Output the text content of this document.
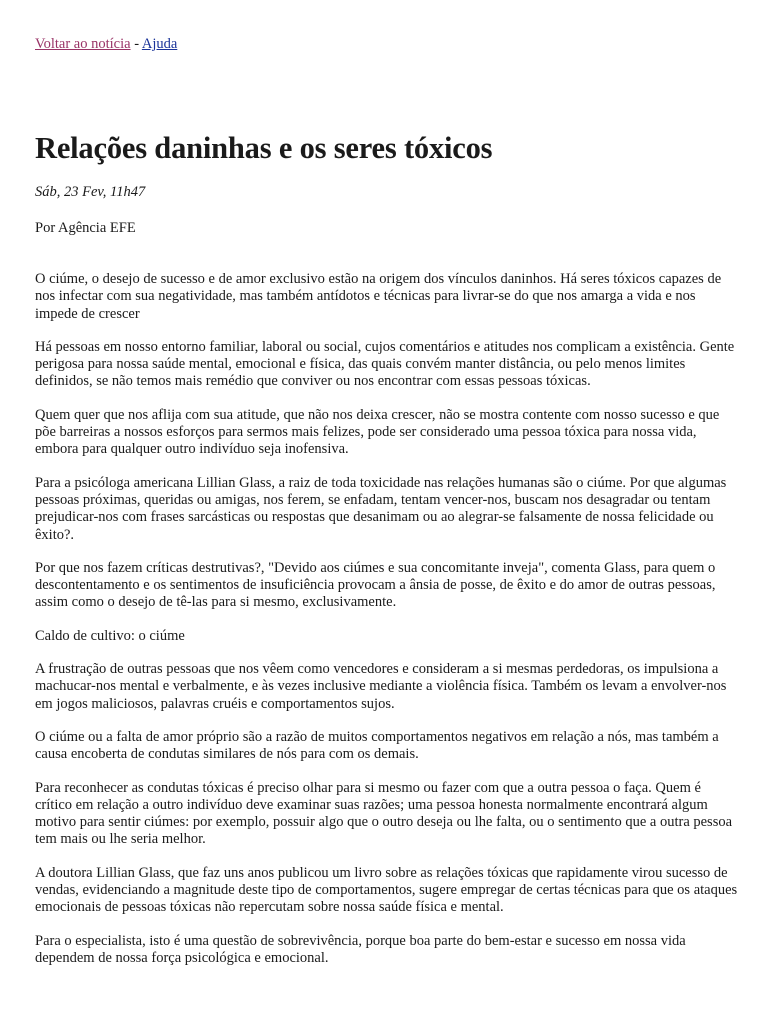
Voltar ao notícia - Ajuda
Relações daninhas e os seres tóxicos
Sáb, 23 Fev, 11h47
Por Agência EFE

O ciúme, o desejo de sucesso e de amor exclusivo estão na origem dos vínculos daninhos. Há seres tóxicos capazes de nos infectar com sua negatividade, mas também antídotos e técnicas para livrar-se do que nos amarga a vida e nos impede de crescer

Há pessoas em nosso entorno familiar, laboral ou social, cujos comentários e atitudes nos complicam a existência. Gente perigosa para nossa saúde mental, emocional e física, das quais convém manter distância, ou pelo menos limites definidos, se não temos mais remédio que conviver ou nos encontrar com essas pessoas tóxicas.

Quem quer que nos aflija com sua atitude, que não nos deixa crescer, não se mostra contente com nosso sucesso e que põe barreiras a nossos esforços para sermos mais felizes, pode ser considerado uma pessoa tóxica para nossa vida, embora para qualquer outro indivíduo seja inofensiva.

Para a psicóloga americana Lillian Glass, a raiz de toda toxicidade nas relações humanas são o ciúme. Por que algumas pessoas próximas, queridas ou amigas, nos ferem, se enfadam, tentam vencer-nos, buscam nos desagradar ou tentam prejudicar-nos com frases sarcásticas ou respostas que desanimam ou ao alegrar-se falsamente de nossa felicidade ou êxito?.

Por que nos fazem críticas destrutivas?, "Devido aos ciúmes e sua concomitante inveja", comenta Glass, para quem o descontentamento e os sentimentos de insuficiência provocam a ânsia de posse, de êxito e do amor de outras pessoas, assim como o desejo de tê-las para si mesmo, exclusivamente.

Caldo de cultivo: o ciúme

A frustração de outras pessoas que nos vêem como vencedores e consideram a si mesmas perdedoras, os impulsiona a machucar-nos mental e verbalmente, e às vezes inclusive mediante a violência física. Também os levam a envolver-nos em jogos maliciosos, palavras cruéis e comportamentos sujos.

O ciúme ou a falta de amor próprio são a razão de muitos comportamentos negativos em relação a nós, mas também a causa encoberta de condutas similares de nós para com os demais.

Para reconhecer as condutas tóxicas é preciso olhar para si mesmo ou fazer com que a outra pessoa o faça. Quem é crítico em relação a outro indivíduo deve examinar suas razões; uma pessoa honesta normalmente encontrará algum motivo para sentir ciúmes: por exemplo, possuir algo que o outro deseja ou lhe falta, ou o sentimento que a outra pessoa tem mais ou lhe seria melhor.

A doutora Lillian Glass, que faz uns anos publicou um livro sobre as relações tóxicas que rapidamente virou sucesso de vendas, evidenciando a magnitude deste tipo de comportamentos, sugere empregar de certas técnicas para que os ataques emocionais de pessoas tóxicas não repercutam sobre nossa saúde física e mental.

Para o especialista, isto é uma questão de sobrevivência, porque boa parte do bem-estar e sucesso em nossa vida dependem de nossa força psicológica e emocional.
